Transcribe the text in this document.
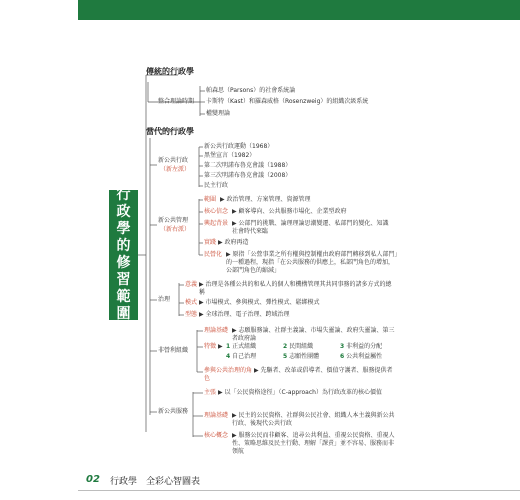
行
政
學
的
修
習
範
圍
傳統的行政學
整合理論時期
帕森思（Parsons）的社會系統論
卡斯特（Kast）和羅森威格（Rosenzweig）的組織次級系統
權變理論
當代的行政學
新公共行政
（新左派）
新公共行政運動（1968）
黑堡宣言（1982）
第二次明諾布魯克會議（1988）
第三次明諾布魯克會議（2008）
民主行政
新公共管理
（新右派）
範圍 ▶ 政治管理、方案管理、資源管理
核心信念 ▶ 顧客導向、公共服務市場化、企業型政府
興起背景 ▶ 公部門的挑戰、論理理論思潮變遷、私部門的變化、知識社會時代來臨
實踐 ▶ 政府再造
民營化 ▶ 原指「公營事業之所有權與控制權由政府部門轉移到私人部門」的一種過程，現指「在公共服務的供應上，私部門角色的增加，公部門角色的縮減」
治理
意義 ▶ 治理是各種公共的和私人的個人和機構管理其共同事務的諸多方式的總稱
模式 ▶ 市場模式、參與模式、彈性模式、鬆綁模式
型態 ▶ 全球治理、電子治理、跨域治理
非營利組織
理論基礎 ▶ 志願服務論、社群主義論、市場失靈論、政府失靈論、第三者政府論
特徵 ▶ 1 正式組織	2 民間組織	3 非利益的分配
4 自己治理	5 志願性團體	6 公共利益屬性
參與公共治理的角色
▶ 先驅者、改革或倡導者、價值守護者、服務提供者
新公共服務
主張 ▶ 以「公民資格途徑」（C-approach）為行政改革的核心價值
理論基礎 ▶ 民主的公民資格、社群與公民社會、組織人本主義與新公共行政、後現代公共行政
核心概念 ▶ 服務公民而非顧客、追尋公共利益、重視公民資格、重視人性、策略思維及民主行動、理解「課責」並不容易、服務而非領航
02 行政學　全彩心智圖表
